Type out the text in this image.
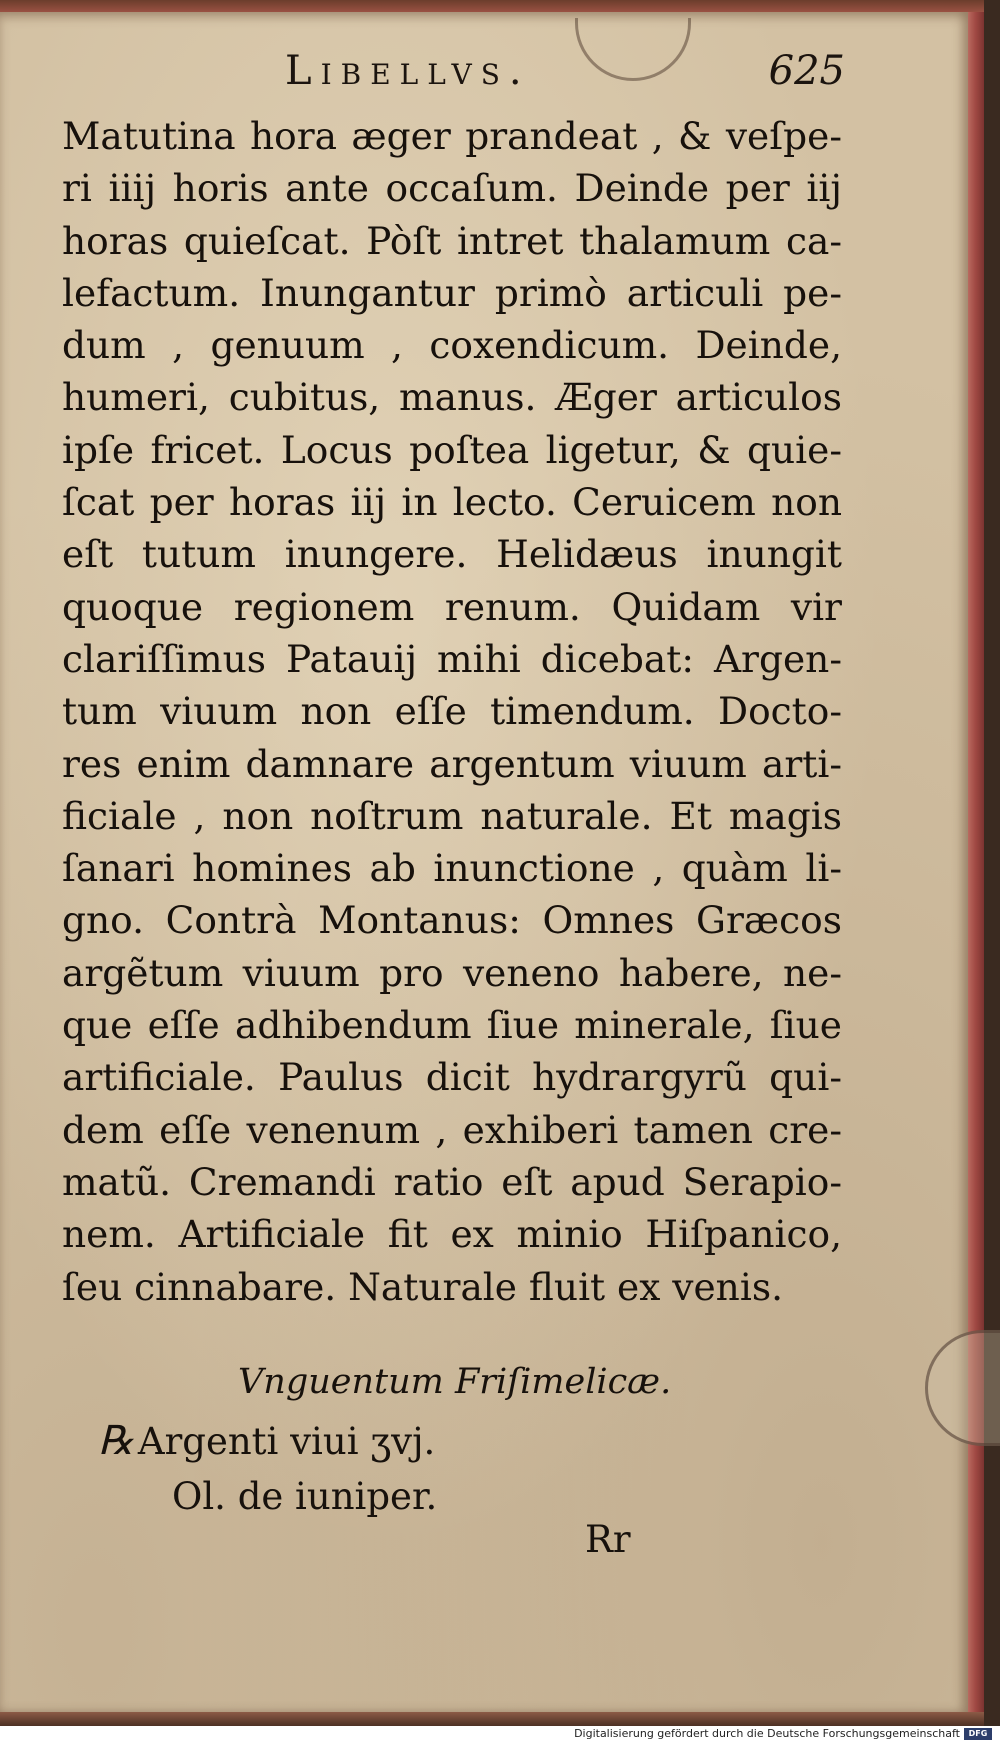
Libellvs.	625
Matutina hora æger prandeat , & veſpe-
ri iiij horis ante occaſum. Deinde per iij
horas quieſcat. Pòſt intret thalamum ca-
lefactum. Inungantur primò articuli pe-
dum , genuum , coxendicum. Deinde,
humeri, cubitus, manus. Æger articulos
ipſe fricet. Locus poſtea ligetur, & quie-
ſcat per horas iij in lecto. Ceruicem non
eſt tutum inungere. Helidæus inungit
quoque regionem renum. Quidam vir
clariſſimus Patauij mihi dicebat: Argen-
tum viuum non eſſe timendum. Docto-
res enim damnare argentum viuum arti-
ficiale , non noſtrum naturale. Et magis
ſanari homines ab inunctione , quàm li-
gno. Contrà Montanus: Omnes Græcos
argẽtum viuum pro veneno habere, ne-
que eſſe adhibendum ſiue minerale, ſiue
artificiale. Paulus dicit hydrargyrũ qui-
dem eſſe venenum , exhiberi tamen cre-
matũ. Cremandi ratio eſt apud Serapio-
nem. Artificiale fit ex minio Hiſpanico,
ſeu cinnabare. Naturale fluit ex venis.
Vnguentum Friſimelicæ.
℞ Argenti viui ʒvj.
Ol. de iuniper.
Rr
Digitalisierung gefördert durch die Deutsche Forschungsgemeinschaft	DFG
